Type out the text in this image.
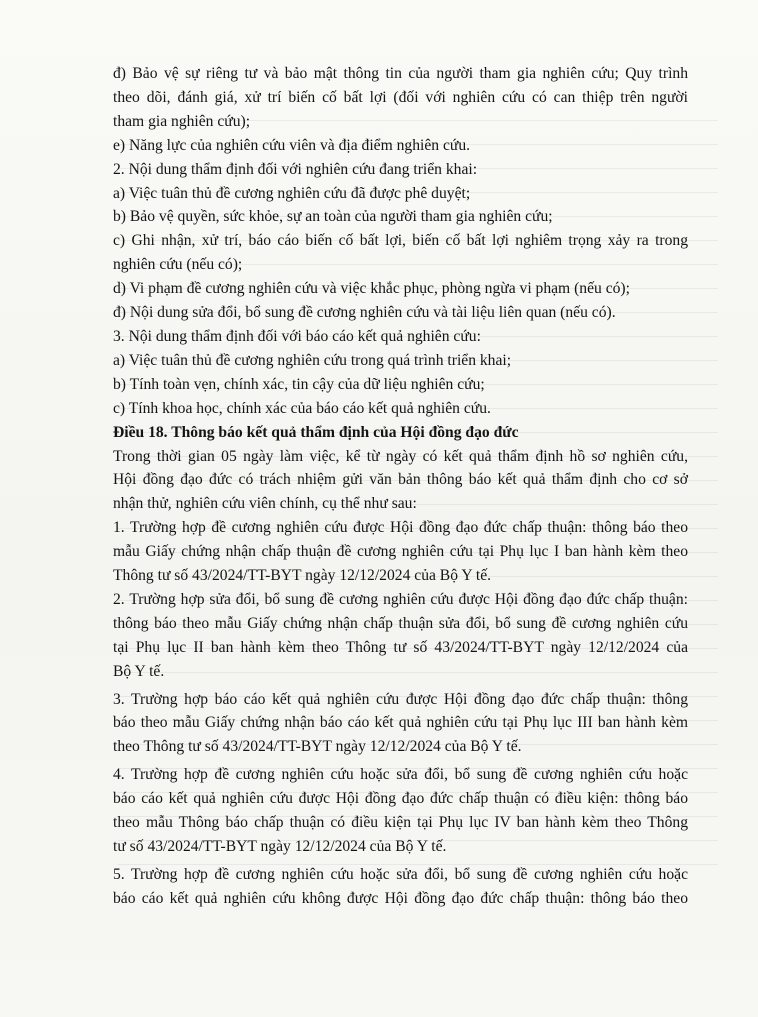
đ) Bảo vệ sự riêng tư và bảo mật thông tin của người tham gia nghiên cứu; Quy trình
theo dõi, đánh giá, xử trí biến cố bất lợi (đối với nghiên cứu có can thiệp trên người
tham gia nghiên cứu);
e) Năng lực của nghiên cứu viên và địa điểm nghiên cứu.
2. Nội dung thẩm định đối với nghiên cứu đang triển khai:
a) Việc tuân thủ đề cương nghiên cứu đã được phê duyệt;
b) Bảo vệ quyền, sức khỏe, sự an toàn của người tham gia nghiên cứu;
c) Ghi nhận, xử trí, báo cáo biến cố bất lợi, biến cố bất lợi nghiêm trọng xảy ra trong
nghiên cứu (nếu có);
d) Vi phạm đề cương nghiên cứu và việc khắc phục, phòng ngừa vi phạm (nếu có);
đ) Nội dung sửa đổi, bổ sung đề cương nghiên cứu và tài liệu liên quan (nếu có).
3. Nội dung thẩm định đối với báo cáo kết quả nghiên cứu:
a) Việc tuân thủ đề cương nghiên cứu trong quá trình triển khai;
b) Tính toàn vẹn, chính xác, tin cậy của dữ liệu nghiên cứu;
c) Tính khoa học, chính xác của báo cáo kết quả nghiên cứu.
Điều 18. Thông báo kết quả thẩm định của Hội đồng đạo đức
Trong thời gian 05 ngày làm việc, kể từ ngày có kết quả thẩm định hồ sơ nghiên cứu,
Hội đồng đạo đức có trách nhiệm gửi văn bản thông báo kết quả thẩm định cho cơ sở
nhận thử, nghiên cứu viên chính, cụ thể như sau:
1. Trường hợp đề cương nghiên cứu được Hội đồng đạo đức chấp thuận: thông báo theo
mẫu Giấy chứng nhận chấp thuận đề cương nghiên cứu tại Phụ lục I ban hành kèm theo
Thông tư số 43/2024/TT-BYT ngày 12/12/2024 của Bộ Y tế.
2. Trường hợp sửa đổi, bổ sung đề cương nghiên cứu được Hội đồng đạo đức chấp thuận:
thông báo theo mẫu Giấy chứng nhận chấp thuận sửa đổi, bổ sung đề cương nghiên cứu
tại Phụ lục II ban hành kèm theo Thông tư số 43/2024/TT-BYT ngày 12/12/2024 của
Bộ Y tế.
3. Trường hợp báo cáo kết quả nghiên cứu được Hội đồng đạo đức chấp thuận: thông
báo theo mẫu Giấy chứng nhận báo cáo kết quả nghiên cứu tại Phụ lục III ban hành kèm
theo Thông tư số 43/2024/TT-BYT ngày 12/12/2024 của Bộ Y tế.
4. Trường hợp đề cương nghiên cứu hoặc sửa đổi, bổ sung đề cương nghiên cứu hoặc
báo cáo kết quả nghiên cứu được Hội đồng đạo đức chấp thuận có điều kiện: thông báo
theo mẫu Thông báo chấp thuận có điều kiện tại Phụ lục IV ban hành kèm theo Thông
tư số 43/2024/TT-BYT ngày 12/12/2024 của Bộ Y tế.
5. Trường hợp đề cương nghiên cứu hoặc sửa đổi, bổ sung đề cương nghiên cứu hoặc
báo cáo kết quả nghiên cứu không được Hội đồng đạo đức chấp thuận: thông báo theo
